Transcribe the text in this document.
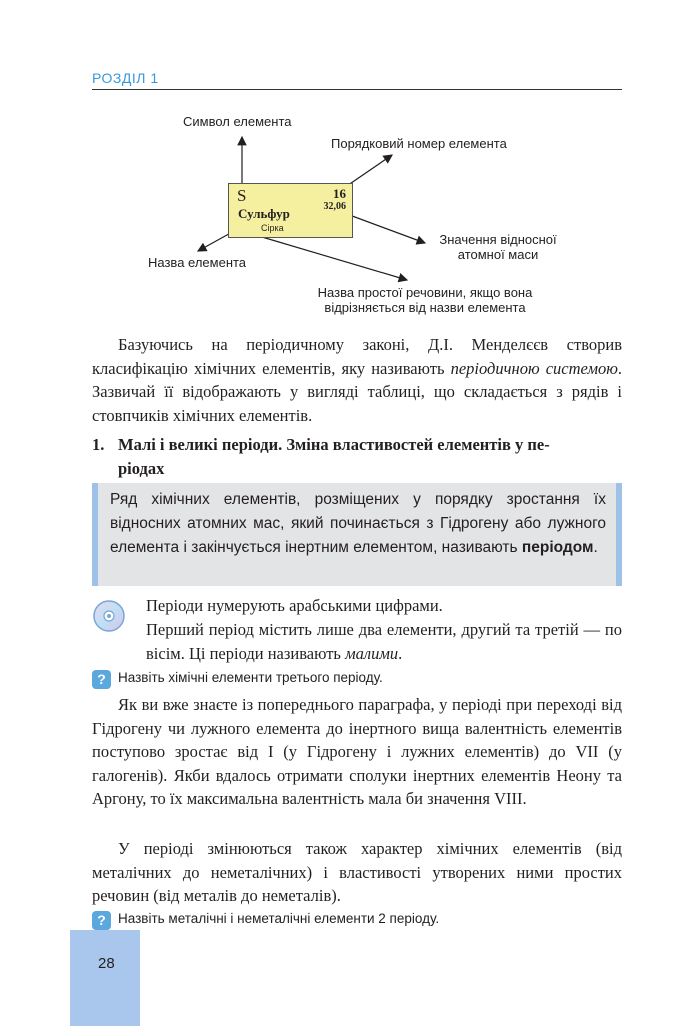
РОЗДІЛ 1
Символ елемента
Порядковий номер елемента
Значення відносної
атомної маси
Назва елемента
Назва простої речовини, якщо вона
відрізняється від назви елемента
S	16
32,06
Сульфур
Сірка
Базуючись на періодичному законі, Д.І. Менделєєв створив класифікацію хімічних елементів, яку називають періодичною системою. Зазвичай її відображають у вигляді таблиці, що складається з рядів і стовпчиків хімічних елементів.
1. Малі і великі періоди. Зміна властивостей елементів у пе-
ріодах
Ряд хімічних елементів, розміщених у порядку зростання їх відносних атомних мас, який починається з Гідрогену або лужного елемента і закінчується інертним елементом, називають періодом.
Періоди нумерують арабськими цифрами.
Перший період містить лише два елементи, другий та третій — по вісім. Ці періоди називають малими.
? Назвіть хімічні елементи третього періоду.
Як ви вже знаєте із попереднього параграфа, у періоді при переході від Гідрогену чи лужного елемента до інертного вища валентність елементів поступово зростає від I (у Гідрогену і лужних елементів) до VII (у галогенів). Якби вдалось отримати сполуки інертних елементів Неону та Аргону, то їх максимальна валентність мала би значення VIII.
У періоді змінюються також характер хімічних елементів (від металічних до неметалічних) і властивості утворених ними простих речовин (від металів до неметалів).
? Назвіть металічні і неметалічні елементи 2 періоду.
28
